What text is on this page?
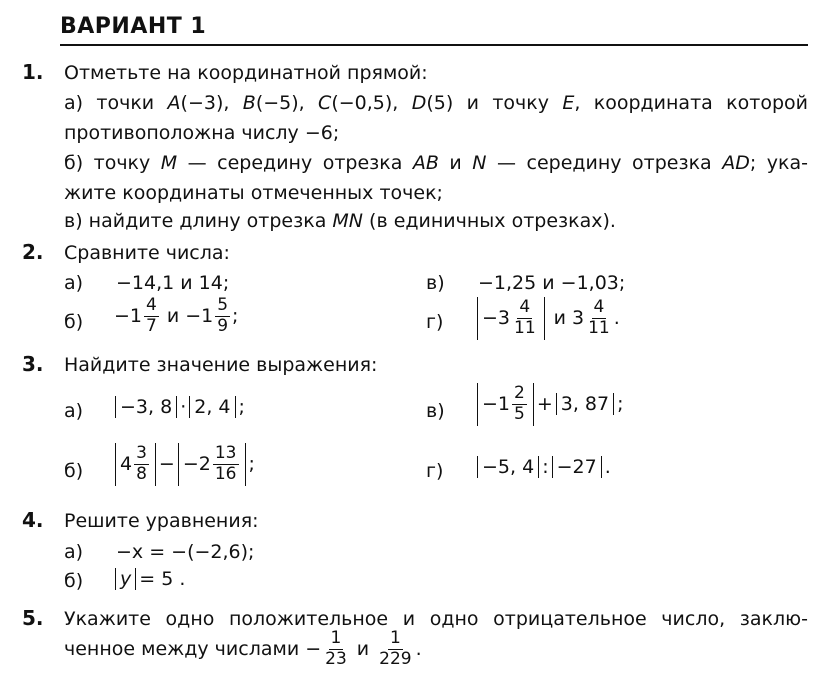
ВАРИАНТ 1
1. Отметьте на координатной прямой:
а) точки A(−3), B(−5), C(−0,5), D(5) и точку E, координата которой
противоположна числу −6;
б) точку M — середину отрезка AB и N — середину отрезка AD; ука-
жите координаты отмеченных точек;
в) найдите длину отрезка MN (в единичных отрезках).
2. Сравните числа:
а) −14,1 и 14;	в) −1,25 и −1,03;
$б) -1 \frac{4}{7}$ $и -1 \frac{5}{9}$ ;	$г) -3 \frac{4}{11}$ и $3 \frac{4}{11}$ .
3. Найдите значение выражения:
а) −3, 8 · 2, 4 ;	$в) -1 \frac{2}{5} + 3$, 87 ;
б) $4 \frac{3}{8} - -2 \frac{13}{16}$ ;	г) −5, 4 : −27 .
4. Решите уравнения:
а) −x = −(−2,6);
б) y = 5 .
5. Укажите одно положительное и одно отрицательное число, заклю-
ченное между числами − $\frac{1}{23}$ и $\frac{1}{229}$ .
